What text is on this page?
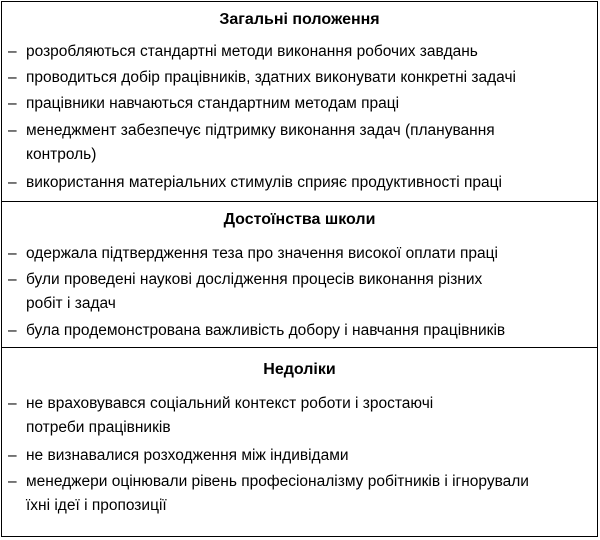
Загальні положення
– розробляються стандартні методи виконання робочих завдань
– проводиться добір працівників, здатних виконувати конкретні задачі
– працівники навчаються стандартним методам праці
– менеджмент забезпечує підтримку виконання задач (планування
контроль)
– використання матеріальних стимулів сприяє продуктивності праці
Достоїнства школи
– одержала підтвердження теза про значення високої оплати праці
– були проведені наукові дослідження процесів виконання різних
робіт і задач
– була продемонстрована важливість добору і навчання працівників
Недоліки
– не враховувався соціальний контекст роботи і зростаючі
потреби працівників
– не визнавалися розходження між індивідами
– менеджери оцінювали рівень професіоналізму робітників і ігнорували
їхні ідеї і пропозиції
